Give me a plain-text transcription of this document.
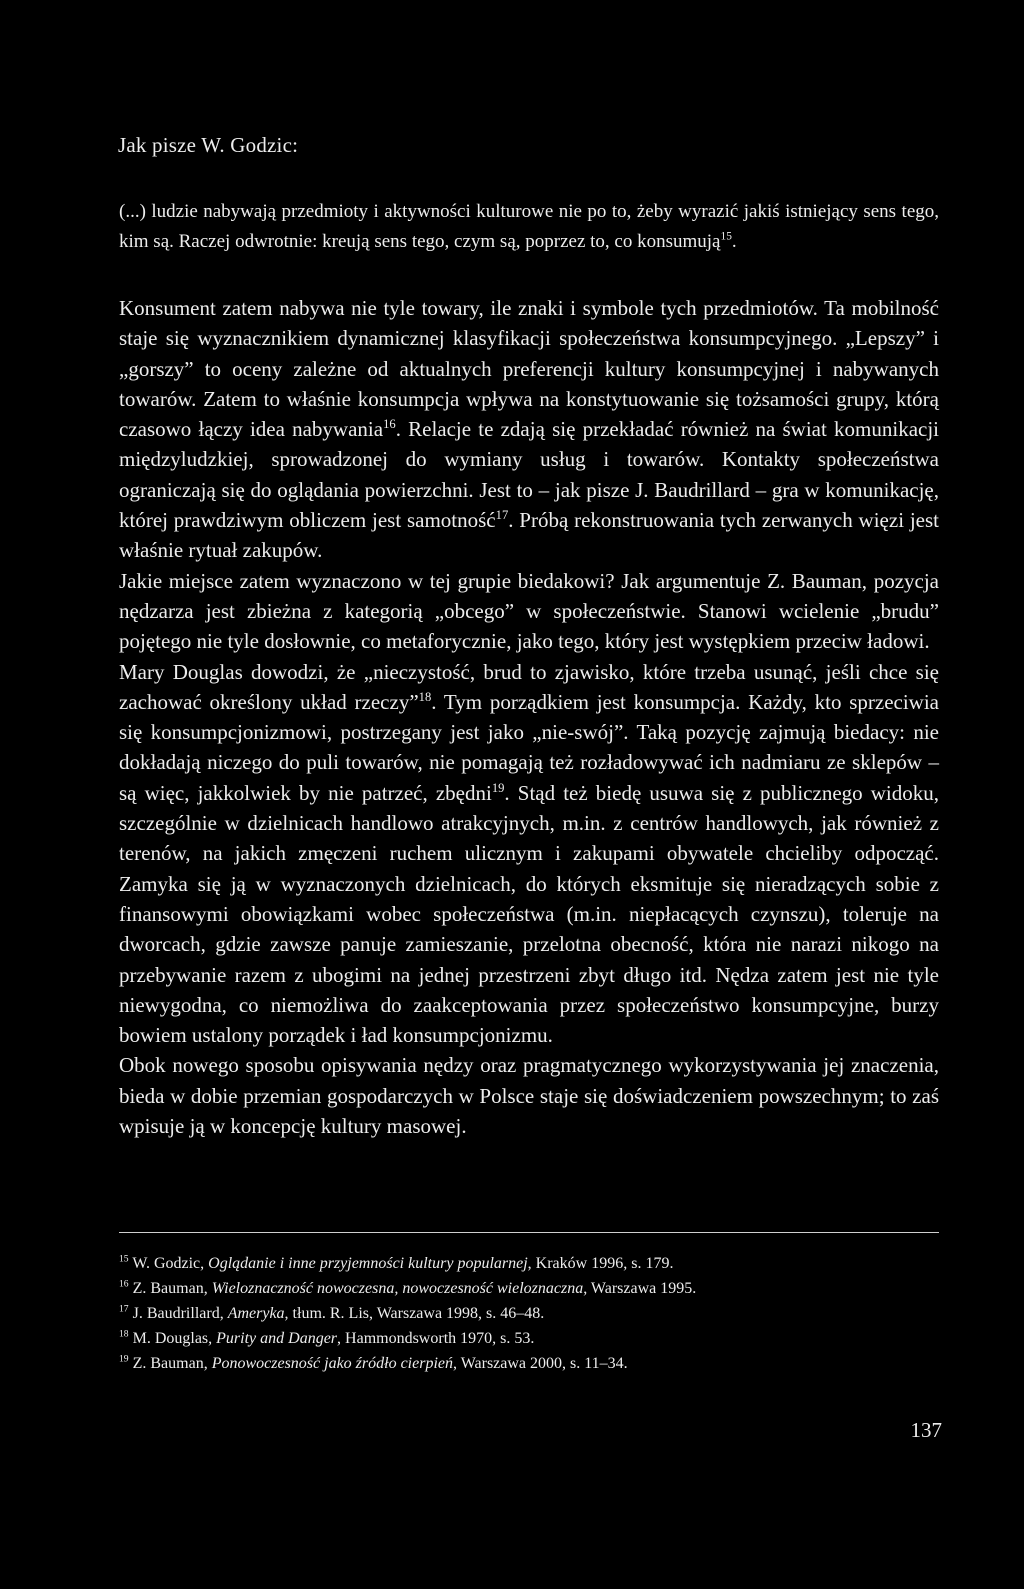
Jak pisze W. Godzic:
(...) ludzie nabywają przedmioty i aktywności kulturowe nie po to, żeby wyrazić jakiś istniejący sens tego, kim są. Raczej odwrotnie: kreują sens tego, czym są, poprzez to, co konsumują$^{15}$.

Konsument zatem nabywa nie tyle towary, ile znaki i symbole tych przedmiotów. Ta mobilność staje się wyznacznikiem dynamicznej klasyfikacji społeczeństwa konsumpcyjnego. „Lepszy” i „gorszy” to oceny zależne od aktualnych preferencji kultury konsumpcyjnej i nabywanych towarów. Zatem to właśnie konsumpcja wpływa na konstytuowanie się tożsamości grupy, którą czasowo łączy idea nabywania$^{16}$. Relacje te zdają się przekładać również na świat komunikacji międzyludzkiej, sprowadzonej do wymiany usług i towarów. Kontakty społeczeństwa ograniczają się do oglądania powierzchni. Jest to – jak pisze J. Baudrillard – gra w komunikację, której prawdziwym obliczem jest samotność$^{17}$. Próbą rekonstruowania tych zerwanych więzi jest właśnie rytuał zakupów.

Jakie miejsce zatem wyznaczono w tej grupie biedakowi? Jak argumentuje Z. Bauman, pozycja nędzarza jest zbieżna z kategorią „obcego” w społeczeństwie. Stanowi wcielenie „brudu” pojętego nie tyle dosłownie, co metaforycznie, jako tego, który jest występkiem przeciw ładowi.

Mary Douglas dowodzi, że „nieczystość, brud to zjawisko, które trzeba usunąć, jeśli chce się zachować określony układ rzeczy”$^{18}$. Tym porządkiem jest konsumpcja. Każdy, kto sprzeciwia się konsumpcjonizmowi, postrzegany jest jako „nie-swój”. Taką pozycję zajmują biedacy: nie dokładają niczego do puli towarów, nie pomagają też rozładowywać ich nadmiaru ze sklepów – są więc, jakkolwiek by nie patrzeć, zbędni$^{19}$. Stąd też biedę usuwa się z publicznego widoku, szczególnie w dzielnicach handlowo atrakcyjnych, m.in. z centrów handlowych, jak również z terenów, na jakich zmęczeni ruchem ulicznym i zakupami obywatele chcieliby odpocząć. Zamyka się ją w wyznaczonych dzielnicach, do których eksmituje się nieradzących sobie z finansowymi obowiązkami wobec społeczeństwa (m.in. niepłacących czynszu), toleruje na dworcach, gdzie zawsze panuje zamieszanie, przelotna obecność, która nie narazi nikogo na przebywanie razem z ubogimi na jednej przestrzeni zbyt długo itd. Nędza zatem jest nie tyle niewygodna, co niemożliwa do zaakceptowania przez społeczeństwo konsumpcyjne, burzy bowiem ustalony porządek i ład konsumpcjonizmu.

Obok nowego sposobu opisywania nędzy oraz pragmatycznego wykorzystywania jej znaczenia, bieda w dobie przemian gospodarczych w Polsce staje się doświadczeniem powszechnym; to zaś wpisuje ją w koncepcję kultury masowej.

$^{15}$ W. Godzic, Oglądanie i inne przyjemności kultury popularnej, Kraków 1996, s. 179.

$^{16}$ Z. Bauman, Wieloznaczność nowoczesna, nowoczesność wieloznaczna, Warszawa 1995.

$^{17}$ J. Baudrillard, Ameryka, tłum. R. Lis, Warszawa 1998, s. 46–48.

$^{18}$ M. Douglas, Purity and Danger, Hammondsworth 1970, s. 53.

$^{19}$ Z. Bauman, Ponowoczesność jako źródło cierpień, Warszawa 2000, s. 11–34.

137
